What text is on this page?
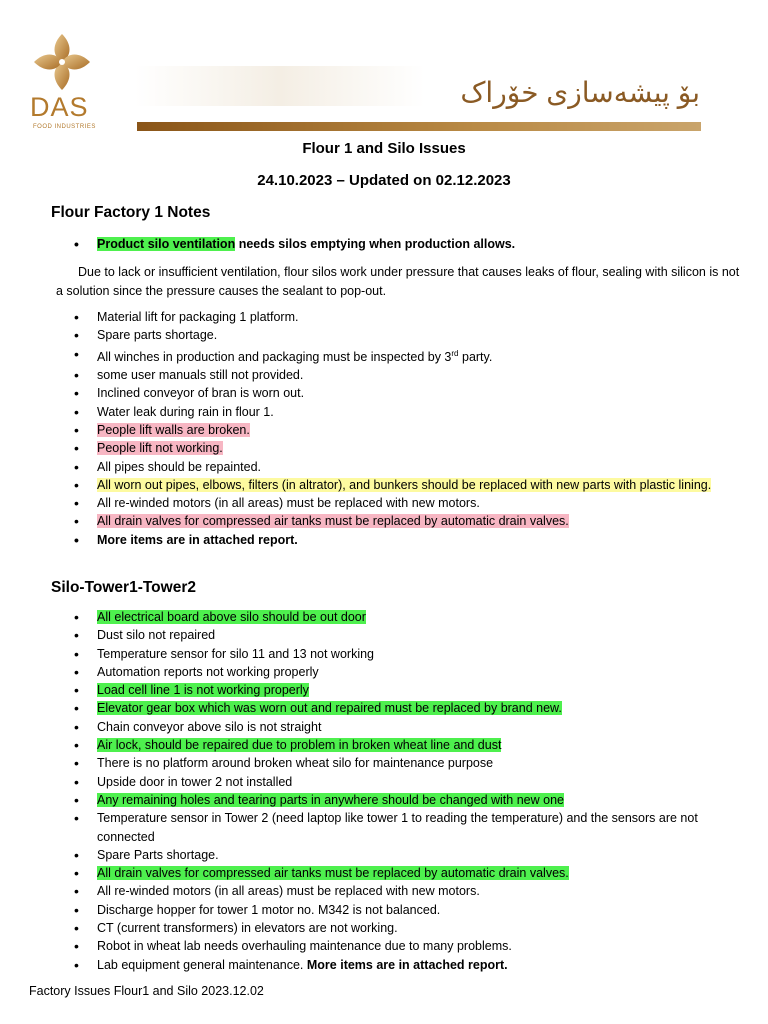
DAS
FOOD INDUSTRIES
بۆ پیشەسازی خۆراک
Flour 1 and Silo Issues
24.10.2023 – Updated on 02.12.2023
Flour Factory 1 Notes
• Product silo ventilation needs silos emptying when production allows.
Due to lack or insufficient ventilation, flour silos work under pressure that causes leaks of flour, sealing with silicon is not a solution since the pressure causes the sealant to pop-out.
• Material lift for packaging 1 platform.
• Spare parts shortage.
• All winches in production and packaging must be inspected by 3rd party.
• some user manuals still not provided.
• Inclined conveyor of bran is worn out.
• Water leak during rain in flour 1.
• People lift walls are broken.
• People lift not working.
• All pipes should be repainted.
• All worn out pipes, elbows, filters (in altrator), and bunkers should be replaced with new parts with plastic lining.
• All re-winded motors (in all areas) must be replaced with new motors.
• All drain valves for compressed air tanks must be replaced by automatic drain valves.
• More items are in attached report.
Silo-Tower1-Tower2
• All electrical board above silo should be out door
• Dust silo not repaired
• Temperature sensor for silo 11 and 13 not working
• Automation reports not working properly
• Load cell line 1 is not working properly
• Elevator gear box which was worn out and repaired must be replaced by brand new.
• Chain conveyor above silo is not straight
• Air lock, should be repaired due to problem in broken wheat line and dust
• There is no platform around broken wheat silo for maintenance purpose
• Upside door in tower 2 not installed
• Any remaining holes and tearing parts in anywhere should be changed with new one
• Temperature sensor in Tower 2 (need laptop like tower 1 to reading the temperature) and the sensors are not connected
• Spare Parts shortage.
• All drain valves for compressed air tanks must be replaced by automatic drain valves.
• All re-winded motors (in all areas) must be replaced with new motors.
• Discharge hopper for tower 1 motor no. M342 is not balanced.
• CT (current transformers) in elevators are not working.
• Robot in wheat lab needs overhauling maintenance due to many problems.
• Lab equipment general maintenance. More items are in attached report.
Factory Issues Flour1 and Silo 2023.12.02
